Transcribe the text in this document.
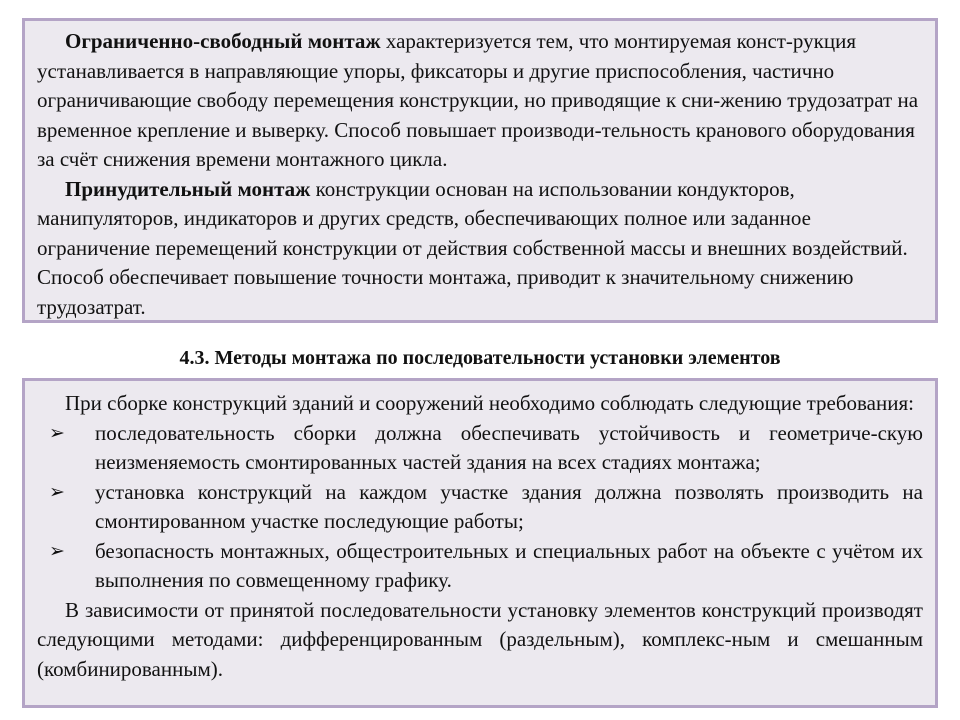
Ограниченно-свободный монтаж характеризуется тем, что монтируемая конст-рукция устанавливается в направляющие упоры, фиксаторы и другие приспособления, частично ограничивающие свободу перемещения конструкции, но приводящие к сни-жению трудозатрат на временное крепление и выверку. Способ повышает производи-тельность кранового оборудования за счёт снижения времени монтажного цикла.

Принудительный монтаж конструкции основан на использовании кондукторов, манипуляторов, индикаторов и других средств, обеспечивающих полное или заданное ограничение перемещений конструкции от действия собственной массы и внешних воздействий. Способ обеспечивает повышение точности монтажа, приводит к значительному снижению трудозатрат.

4.3. Методы монтажа по последовательности установки элементов

При сборке конструкций зданий и сооружений необходимо соблюдать следующие требования:

➢ последовательность сборки должна обеспечивать устойчивость и геометриче-скую неизменяемость смонтированных частей здания на всех стадиях монтажа;
➢ установка конструкций на каждом участке здания должна позволять производить на смонтированном участке последующие работы;
➢ безопасность монтажных, общестроительных и специальных работ на объекте с учётом их выполнения по совмещенному графику.

В зависимости от принятой последовательности установку элементов конструкций производят следующими методами: дифференцированным (раздельным), комплекс-ным и смешанным (комбинированным).
